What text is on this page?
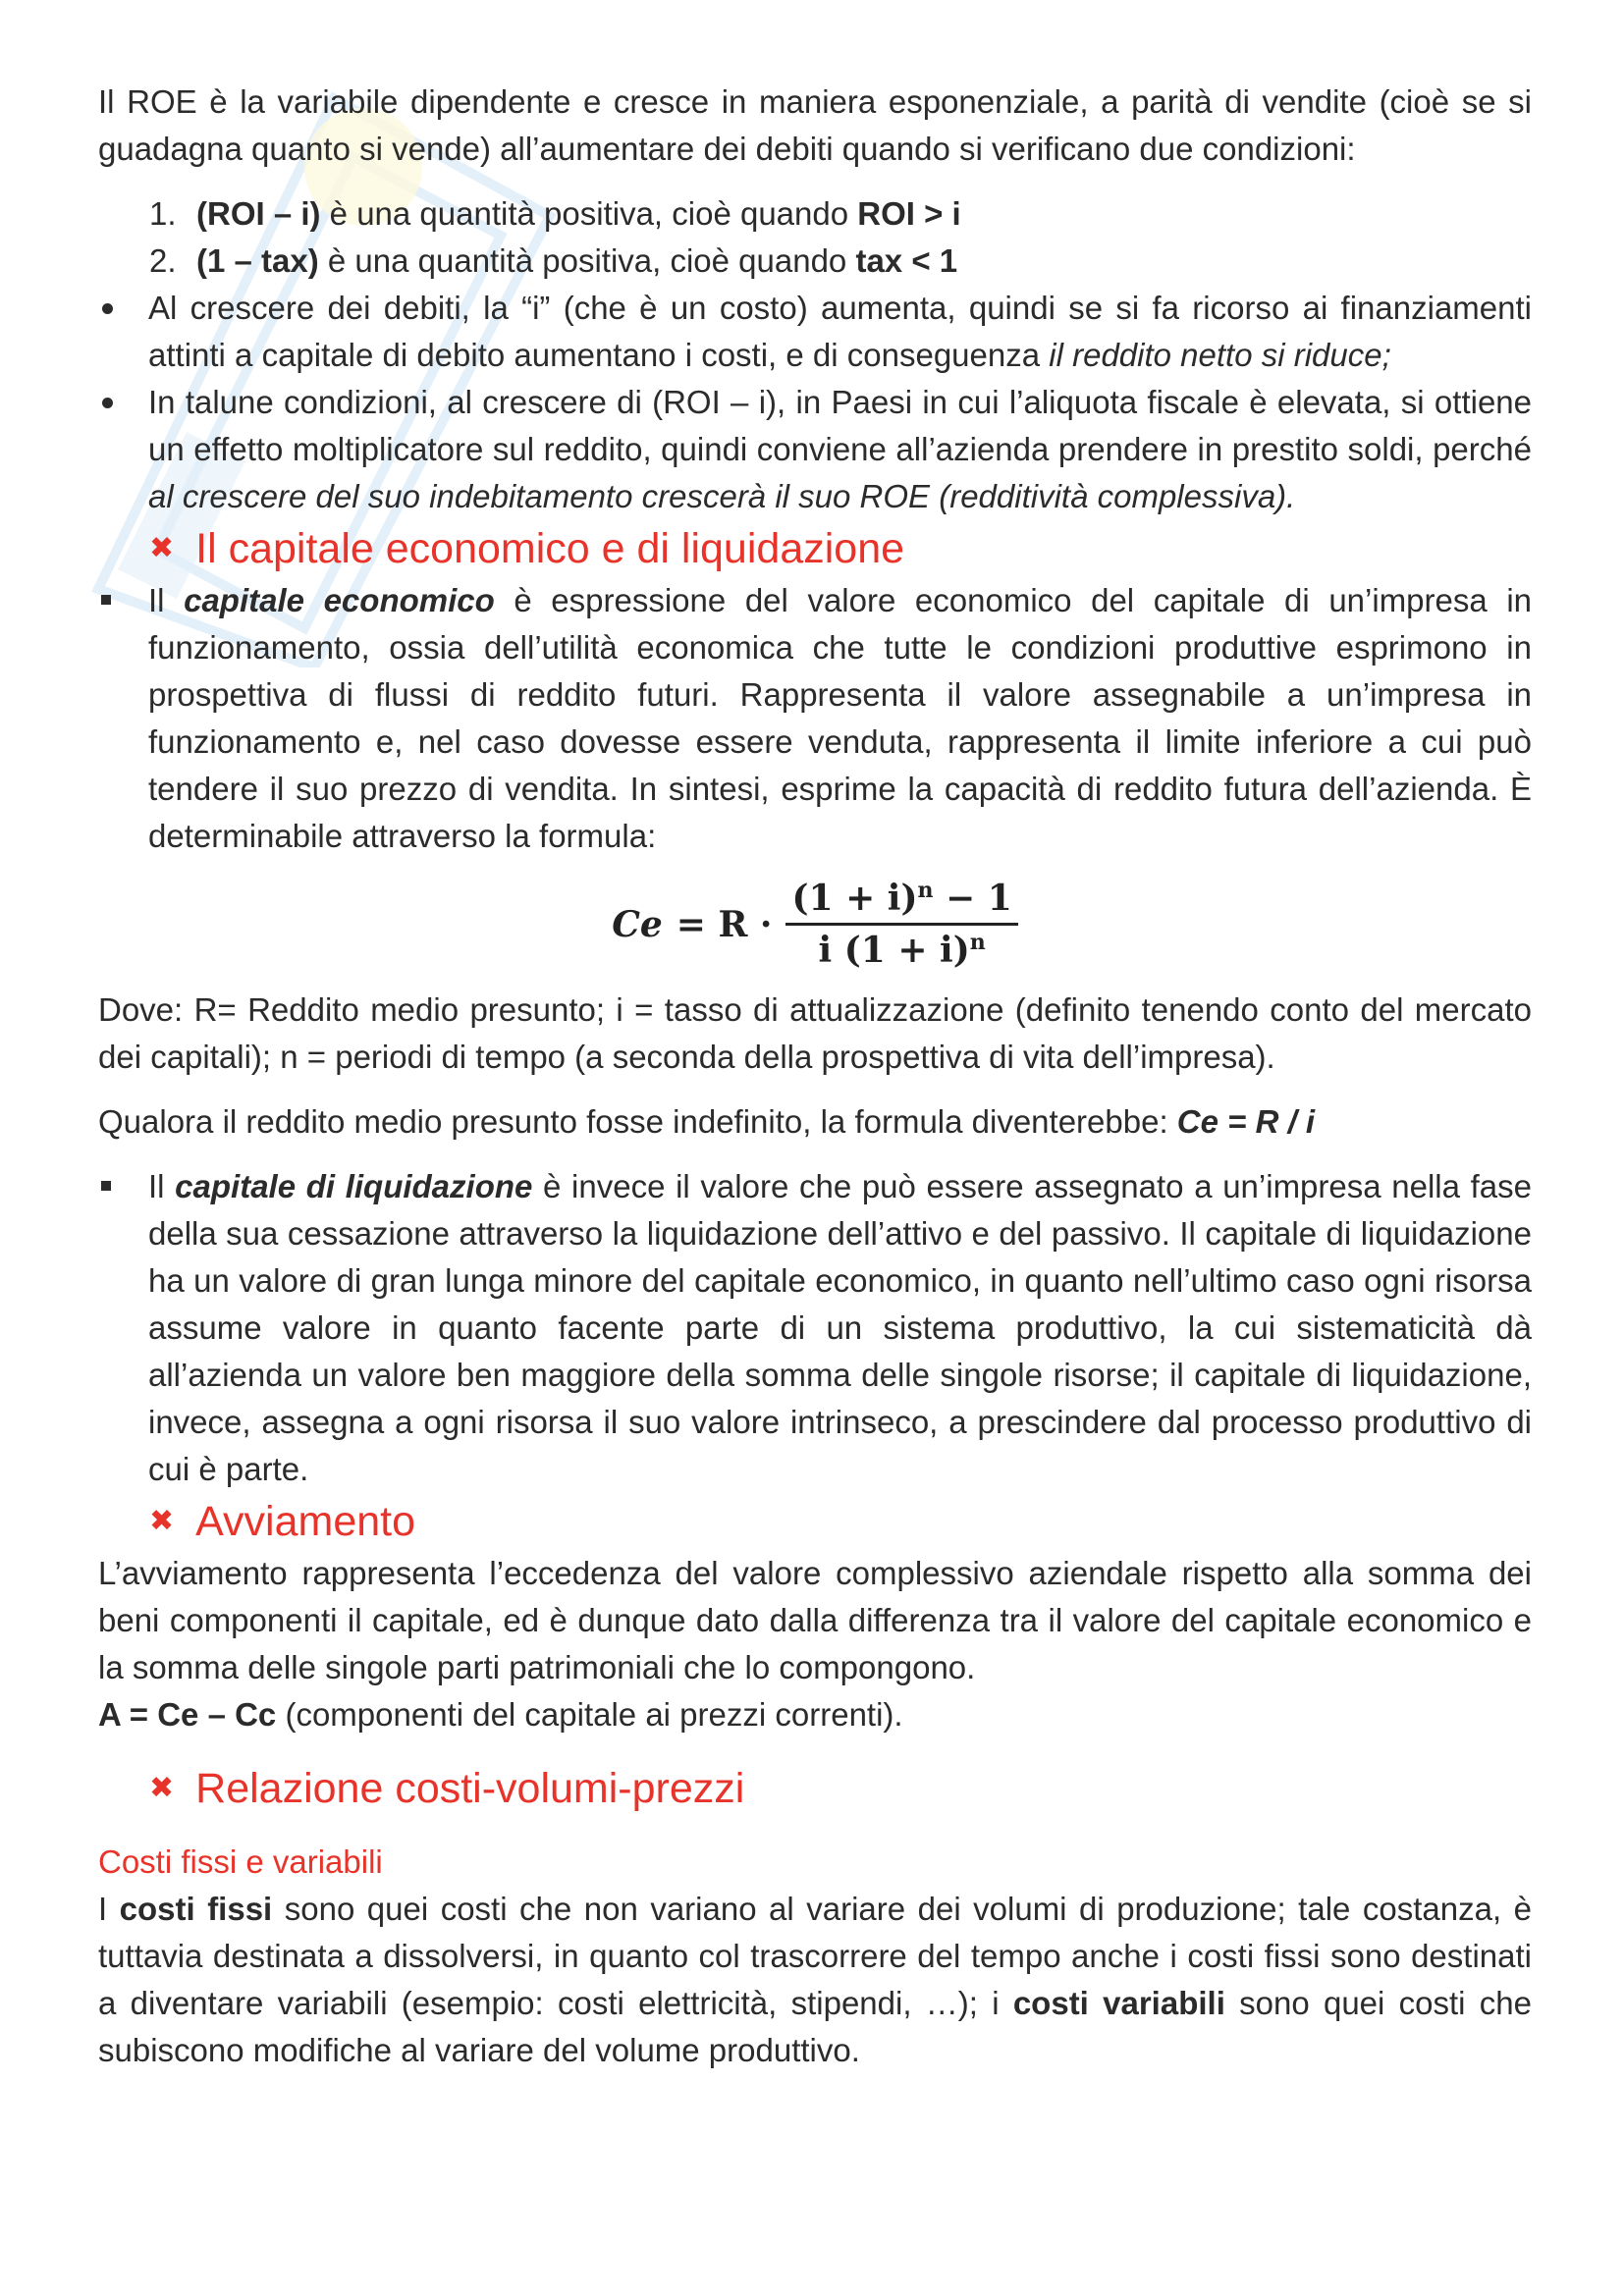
Il ROE è la variabile dipendente e cresce in maniera esponenziale, a parità di vendite (cioè se si guadagna quanto si vende) all’aumentare dei debiti quando si verificano due condizioni:

1. (ROI – i) è una quantità positiva, cioè quando ROI > i
2. (1 – tax) è una quantità positiva, cioè quando tax < 1
Al crescere dei debiti, la “i” (che è un costo) aumenta, quindi se si fa ricorso ai finanziamenti attinti a capitale di debito aumentano i costi, e di conseguenza il reddito netto si riduce;
In talune condizioni, al crescere di (ROI – i), in Paesi in cui l’aliquota fiscale è elevata, si ottiene un effetto moltiplicatore sul reddito, quindi conviene all’azienda prendere in prestito soldi, perché al crescere del suo indebitamento crescerà il suo ROE (redditività complessiva).
✖ Il capitale economico e di liquidazione
Il capitale economico è espressione del valore economico del capitale di un’impresa in funzionamento, ossia dell’utilità economica che tutte le condizioni produttive esprimono in prospettiva di flussi di reddito futuri. Rappresenta il valore assegnabile a un’impresa in funzionamento e, nel caso dovesse essere venduta, rappresenta il limite inferiore a cui può tendere il suo prezzo di vendita. In sintesi, esprime la capacità di reddito futura dell’azienda. È determinabile attraverso la formula:
$Ce = R \cdot \frac{(1 + i)^n - 1}{i (1 + i)^n}$

Dove: R= Reddito medio presunto; i = tasso di attualizzazione (definito tenendo conto del mercato dei capitali); n = periodi di tempo (a seconda della prospettiva di vita dell’impresa).

Qualora il reddito medio presunto fosse indefinito, la formula diventerebbe: Ce = R / i

Il capitale di liquidazione è invece il valore che può essere assegnato a un’impresa nella fase della sua cessazione attraverso la liquidazione dell’attivo e del passivo. Il capitale di liquidazione ha un valore di gran lunga minore del capitale economico, in quanto nell’ultimo caso ogni risorsa assume valore in quanto facente parte di un sistema produttivo, la cui sistematicità dà all’azienda un valore ben maggiore della somma delle singole risorse; il capitale di liquidazione, invece, assegna a ogni risorsa il suo valore intrinseco, a prescindere dal processo produttivo di cui è parte.
✖ Avviamento

L’avviamento rappresenta l’eccedenza del valore complessivo aziendale rispetto alla somma dei beni componenti il capitale, ed è dunque dato dalla differenza tra il valore del capitale economico e la somma delle singole parti patrimoniali che lo compongono.

A = Ce – Cc (componenti del capitale ai prezzi correnti).

✖ Relazione costi-volumi-prezzi

Costi fissi e variabili

I costi fissi sono quei costi che non variano al variare dei volumi di produzione; tale costanza, è tuttavia destinata a dissolversi, in quanto col trascorrere del tempo anche i costi fissi sono destinati a diventare variabili (esempio: costi elettricità, stipendi, …); i costi variabili sono quei costi che subiscono modifiche al variare del volume produttivo.
